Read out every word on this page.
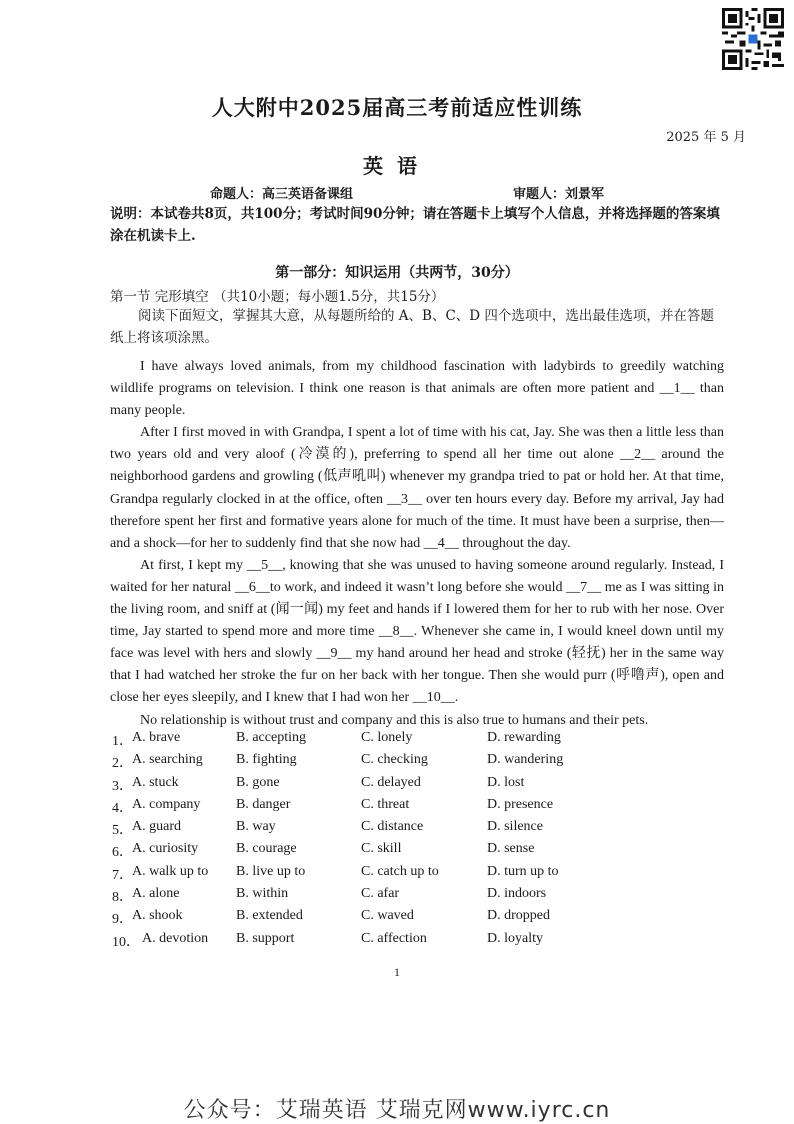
人大附中2025届高三考前适应性训练
2025 年 5 月
英语
命题人：高三英语备课组	审题人：刘景军
说明：本试卷共8页，共100分；考试时间90分钟；请在答题卡上填写个人信息，并将选择题的答案填涂在机读卡上.
第一部分：知识运用（共两节，30分）
第一节 完形填空 （共10小题；每小题1.5分，共15分）
阅读下面短文，掌握其大意，从每题所给的 A、B、C、D 四个选项中，选出最佳选项，并在答题纸上将该项涂黑。

I have always loved animals, from my childhood fascination with ladybirds to greedily watching wildlife programs on television. I think one reason is that animals are often more patient and __1__ than many people.

After I first moved in with Grandpa, I spent a lot of time with his cat, Jay. She was then a little less than two years old and very aloof (冷漠的), preferring to spend all her time out alone __2__ around the neighborhood gardens and growling (低声吼叫) whenever my grandpa tried to pat or hold her. At that time, Grandpa regularly clocked in at the office, often __3__ over ten hours every day. Before my arrival, Jay had therefore spent her first and formative years alone for much of the time. It must have been a surprise, then—and a shock—for her to suddenly find that she now had __4__ throughout the day.

At first, I kept my __5__, knowing that she was unused to having someone around regularly. Instead, I waited for her natural __6__to work, and indeed it wasn’t long before she would __7__ me as I was sitting in the living room, and sniff at (闻一闻) my feet and hands if I lowered them for her to rub with her nose. Over time, Jay started to spend more and more time __8__. Whenever she came in, I would kneel down until my face was level with hers and slowly __9__ my hand around her head and stroke (轻抚) her in the same way that I had watched her stroke the fur on her back with her tongue. Then she would purr (呼噜声), open and close her eyes sleepily, and I knew that I had won her __10__.

No relationship is without trust and company and this is also true to humans and their pets.

1． A. brave	B. accepting	C. lonely	D. rewarding
2． A. searching B. fighting	C. checking	D. wandering
3． A. stuck	B. gone	C. delayed	D. lost
4． A. company	B. danger	C. threat	D. presence
5． A. guard	B. way	C. distance	D. silence
6． A. curiosity	B. courage	C. skill	D. sense
7． A. walk up to B. live up to	C. catch up to	D. turn up to
8． A. alone	B. within	C. afar	D. indoors
9． A. shook	B. extended	C. waved	D. dropped
10． A. devotion B. support	C. affection	D. loyalty
1
公众号：艾瑞英语 艾瑞克网www.iyrc.cn
